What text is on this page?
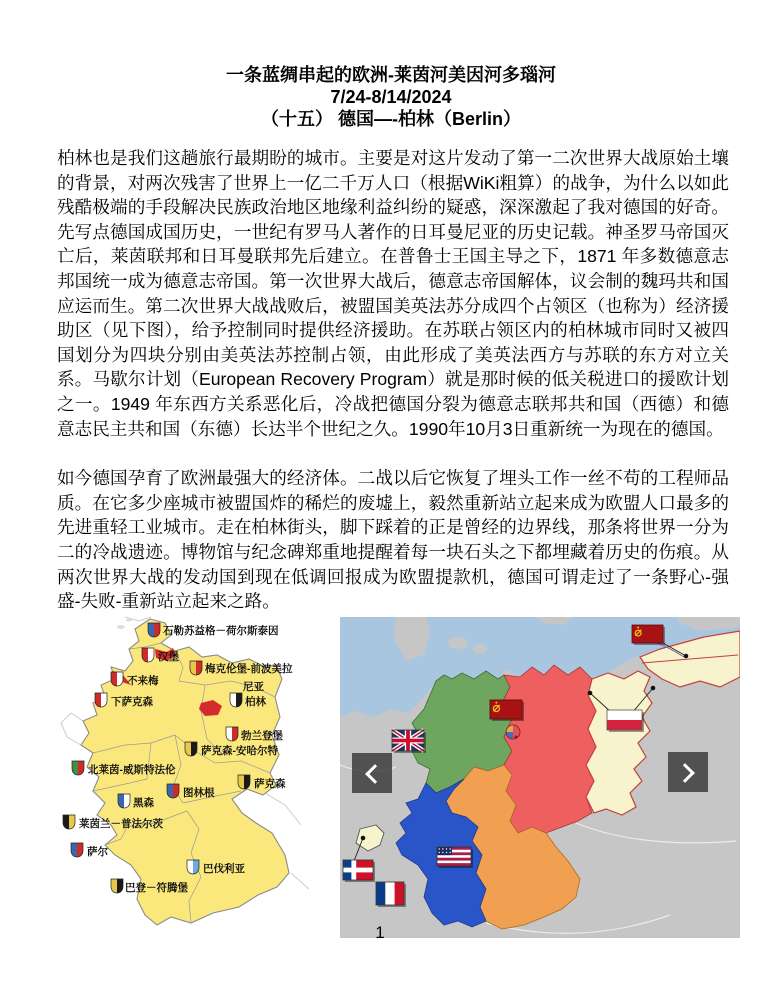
一条蓝绸串起的欧洲-莱茵河美因河多瑙河
7/24-8/14/2024
（十五） 德国—-柏林（Berlin）

柏林也是我们这趟旅行最期盼的城市。主要是对这片发动了第一二次世界大战原始土壤的背景，对两次残害了世界上一亿二千万人口（根据WiKi粗算）的战争，为什么以如此残酷极端的手段解决民族政治地区地缘利益纠纷的疑惑，深深激起了我对德国的好奇。先写点德国成国历史，一世纪有罗马人著作的日耳曼尼亚的历史记载。神圣罗马帝国灭亡后，莱茵联邦和日耳曼联邦先后建立。在普鲁士王国主导之下，1871 年多数德意志邦国统一成为德意志帝国。第一次世界大战后，德意志帝国解体，议会制的魏玛共和国应运而生。第二次世界大战战败后，被盟国美英法苏分成四个占领区（也称为）经济援助区（见下图），给予控制同时提供经济援助。在苏联占领区内的柏林城市同时又被四国划分为四块分别由美英法苏控制占领，由此形成了美英法西方与苏联的东方对立关系。马歇尔计划（European Recovery Program）就是那时候的低关税进口的援欧计划之一。1949 年东西方关系恶化后，冷战把德国分裂为德意志联邦共和国（西德）和德意志民主共和国（东德）长达半个世纪之久。1990年10月3日重新统一为现在的德国。

如今德国孕育了欧洲最强大的经济体。二战以后它恢复了埋头工作一丝不苟的工程师品质。在它多少座城市被盟国炸的稀烂的废墟上，毅然重新站立起来成为欧盟人口最多的先进重轻工业城市。走在柏林街头，脚下踩着的正是曾经的边界线，那条将世界一分为二的冷战遗迹。博物馆与纪念碑郑重地提醒着每一块石头之下都埋藏着历史的伤痕。从两次世界大战的发动国到现在低调回报成为欧盟提款机，德国可谓走过了一条野心-强盛-失败-重新站立起来之路。

石勒苏益格－荷尔斯泰因
汉堡
梅克伦堡-前波美拉
尼亚
不来梅
下萨克森	柏林
勃兰登堡
萨克森-安哈尔特
北莱茵-威斯特法伦
萨克森
图林根
黑森
莱茵兰－普法尔茨
萨尔
巴伐利亚
巴登－符腾堡
1
